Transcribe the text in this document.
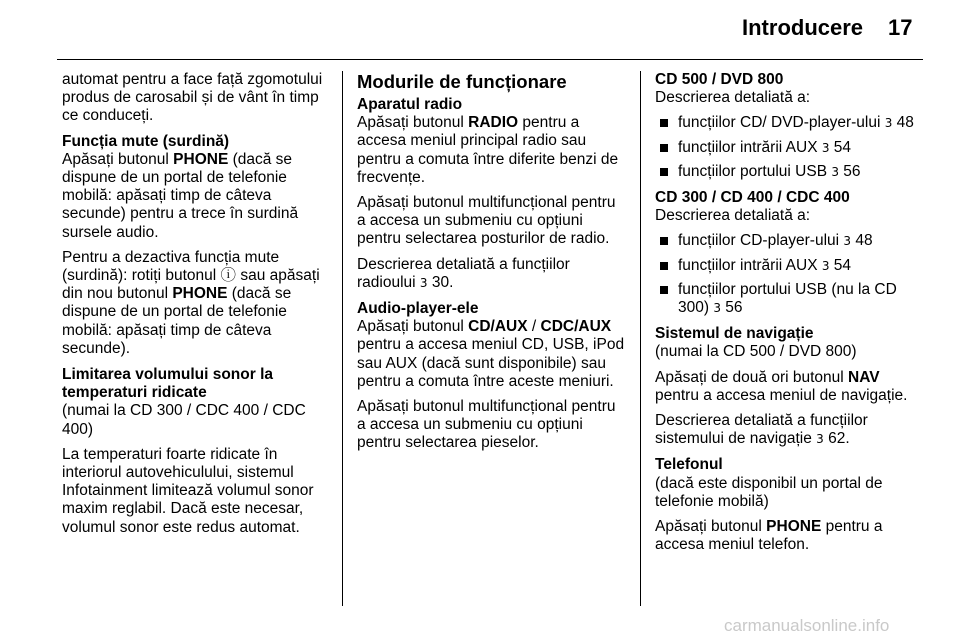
Introducere 17

automat pentru a face față zgomotului produs de carosabil și de vânt în timp ce conduceți.

Funcția mute (surdină)

Apăsați butonul PHONE (dacă se dispune de un portal de telefonie mobilă: apăsați timp de câteva secunde) pentru a trece în surdină sursele audio.

Pentru a dezactiva funcția mute (surdină): rotiți butonul ⓘ sau apăsați din nou butonul PHONE (dacă se dispune de un portal de telefonie mobilă: apăsați timp de câteva secunde).

Limitarea volumului sonor la temperaturi ridicate

(numai la CD 300 / CDC 400 / CDC 400)

La temperaturi foarte ridicate în interiorul autovehiculului, sistemul Infotainment limitează volumul sonor maxim reglabil. Dacă este necesar, volumul sonor este redus automat.

Modurile de funcționare
Aparatul radio

Apăsați butonul RADIO pentru a accesa meniul principal radio sau pentru a comuta între diferite benzi de frecvențe.

Apăsați butonul multifuncțional pentru a accesa un submeniu cu opțiuni pentru selectarea posturilor de radio.

Descrierea detaliată a funcțiilor radioului 3 30.

Audio-player-ele

Apăsați butonul CD/AUX / CDC/AUX pentru a accesa meniul CD, USB, iPod sau AUX (dacă sunt disponibile) sau pentru a comuta între aceste meniuri.

Apăsați butonul multifuncțional pentru a accesa un submeniu cu opțiuni pentru selectarea pieselor.

CD 500 / DVD 800

Descrierea detaliată a:

funcțiilor CD/ DVD-player-ului 3 48
funcțiilor intrării AUX 3 54
funcțiilor portului USB 3 56
CD 300 / CD 400 / CDC 400

Descrierea detaliată a:

funcțiilor CD-player-ului 3 48
funcțiilor intrării AUX 3 54
funcțiilor portului USB (nu la CD 300) 3 56
Sistemul de navigație

(numai la CD 500 / DVD 800)

Apăsați de două ori butonul NAV pentru a accesa meniul de navigație.

Descrierea detaliată a funcțiilor sistemului de navigație 3 62.

Telefonul

(dacă este disponibil un portal de telefonie mobilă)

Apăsați butonul PHONE pentru a accesa meniul telefon.

carmanualsonline.info
